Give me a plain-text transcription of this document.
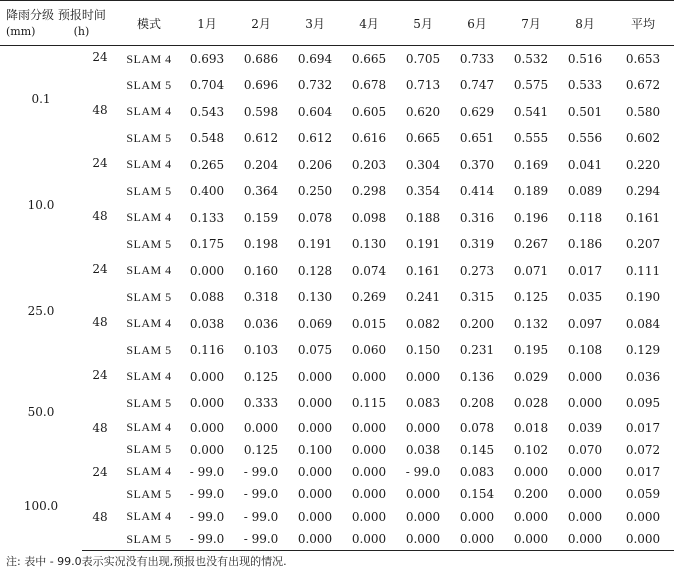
降雨分级 预报时间
(mm) (h)		模式	1月	2月	3月	4月	5月	6月	7月	8月	平均
0.1	24	SLAM 4	0.693	0.686	0.694	0.665	0.705	0.733	0.532	0.516	0.653
		SLAM 5	0.704	0.696	0.732	0.678	0.713	0.747	0.575	0.533	0.672
	48	SLAM 4	0.543	0.598	0.604	0.605	0.620	0.629	0.541	0.501	0.580
		SLAM 5	0.548	0.612	0.612	0.616	0.665	0.651	0.555	0.556	0.602
10.0	24	SLAM 4	0.265	0.204	0.206	0.203	0.304	0.370	0.169	0.041	0.220
		SLAM 5	0.400	0.364	0.250	0.298	0.354	0.414	0.189	0.089	0.294
	48	SLAM 4	0.133	0.159	0.078	0.098	0.188	0.316	0.196	0.118	0.161
		SLAM 5	0.175	0.198	0.191	0.130	0.191	0.319	0.267	0.186	0.207
25.0	24	SLAM 4	0.000	0.160	0.128	0.074	0.161	0.273	0.071	0.017	0.111
		SLAM 5	0.088	0.318	0.130	0.269	0.241	0.315	0.125	0.035	0.190
	48	SLAM 4	0.038	0.036	0.069	0.015	0.082	0.200	0.132	0.097	0.084
		SLAM 5	0.116	0.103	0.075	0.060	0.150	0.231	0.195	0.108	0.129
50.0	24	SLAM 4	0.000	0.125	0.000	0.000	0.000	0.136	0.029	0.000	0.036
		SLAM 5	0.000	0.333	0.000	0.115	0.083	0.208	0.028	0.000	0.095
	48	SLAM 4	0.000	0.000	0.000	0.000	0.000	0.078	0.018	0.039	0.017
		SLAM 5	0.000	0.125	0.100	0.000	0.038	0.145	0.102	0.070	0.072
100.0	24	SLAM 4	- 99.0	- 99.0	0.000	0.000	- 99.0	0.083	0.000	0.000	0.017
		SLAM 5	- 99.0	- 99.0	0.000	0.000	0.000	0.154	0.200	0.000	0.059
	48	SLAM 4	- 99.0	- 99.0	0.000	0.000	0.000	0.000	0.000	0.000	0.000
		SLAM 5	- 99.0	- 99.0	0.000	0.000	0.000	0.000	0.000	0.000	0.000
注: 表中 - 99.0表示实况没有出现,预报也没有出现的情况.
